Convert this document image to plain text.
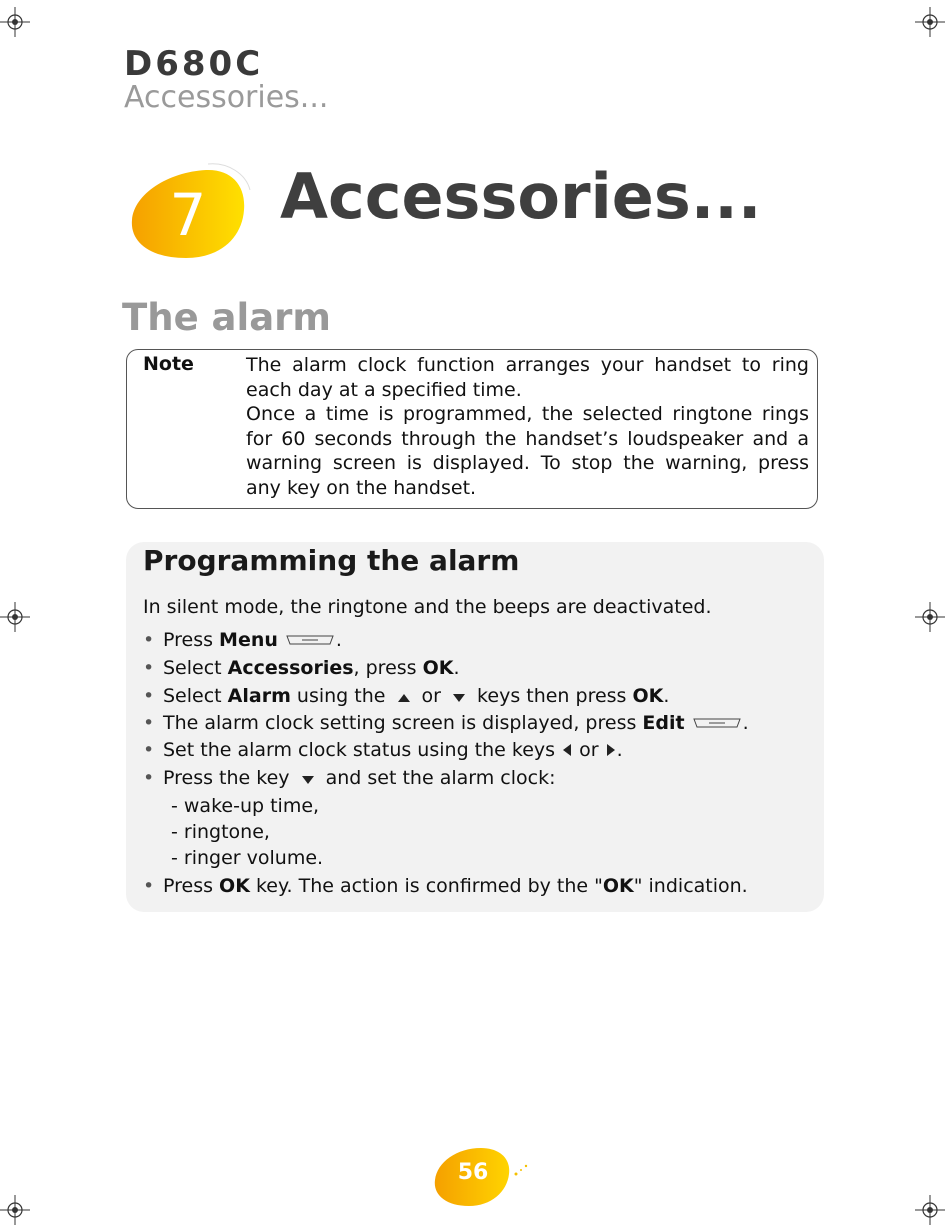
D680C
Accessories...
7 Accessories...
The alarm
Note	The alarm clock function arranges your handset to ring each day at a specified time.

Once a time is programmed, the selected ringtone rings for 60 seconds through the handset’s loudspeaker and a warning screen is displayed. To stop the warning, press any key on the handset.

Programming the alarm
In silent mode, the ringtone and the beeps are deactivated.
• Press Menu	.
• Select Accessories, press OK.
• Select Alarm using the  or  keys then press OK.
• The alarm clock setting screen is displayed, press Edit	.
• Set the alarm clock status using the keys  or .
• Press the key  and set the alarm clock:
- wake-up time,
- ringtone,
- ringer volume.
• Press OK key. The action is confirmed by the "OK" indication.
56
